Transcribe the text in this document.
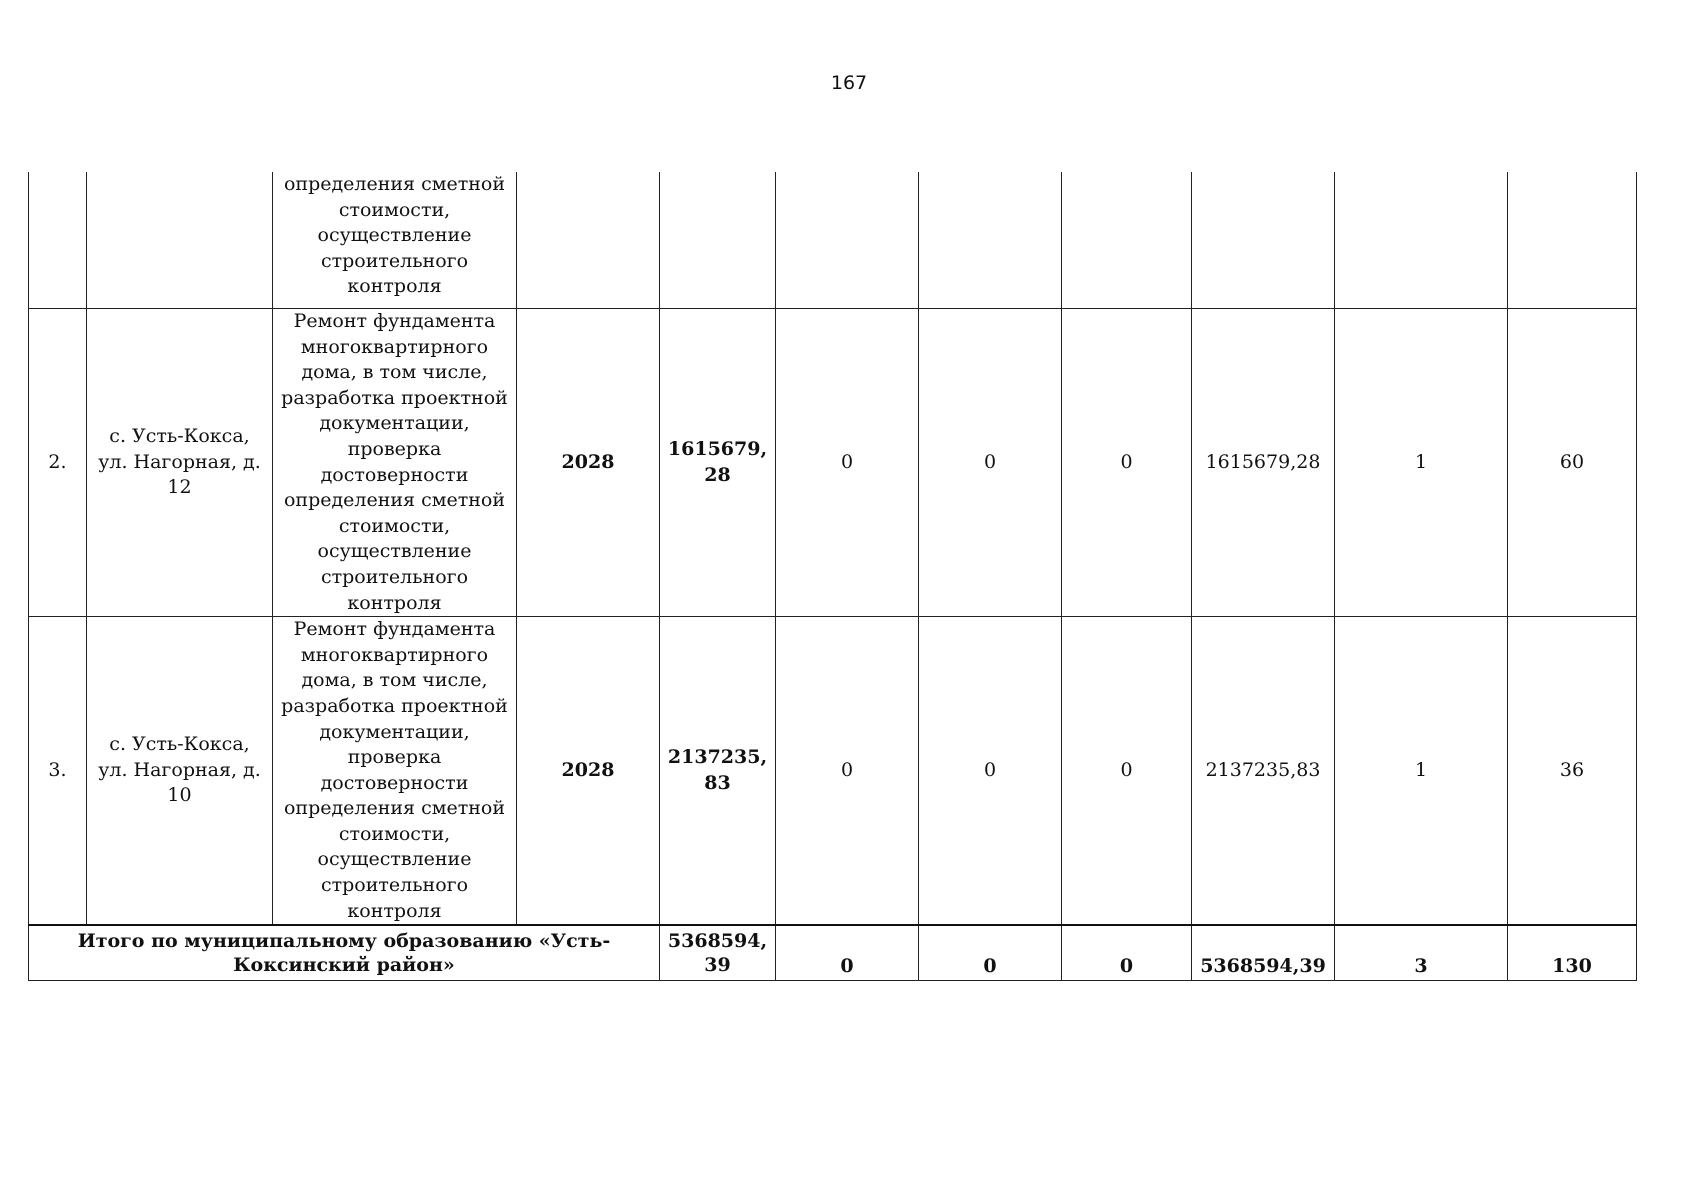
167
		определения сметной стоимости, осуществление строительного контроля								
2.	с. Усть-Кокса, ул. Нагорная, д. 12	Ремонт фундамента многоквартирного дома, в том числе, разработка проектной документации, проверка достоверности определения сметной стоимости, осуществление строительного контроля	2028	1615679, 28	0	0	0	1615679,28	1	60
3.	с. Усть-Кокса, ул. Нагорная, д. 10	Ремонт фундамента многоквартирного дома, в том числе, разработка проектной документации, проверка достоверности определения сметной стоимости, осуществление строительного контроля	2028	2137235, 83	0	0	0	2137235,83	1	36
Итого по муниципальному образованию «Усть-Коксинский район»				5368594, 39	0	0	0	5368594,39	3	130
